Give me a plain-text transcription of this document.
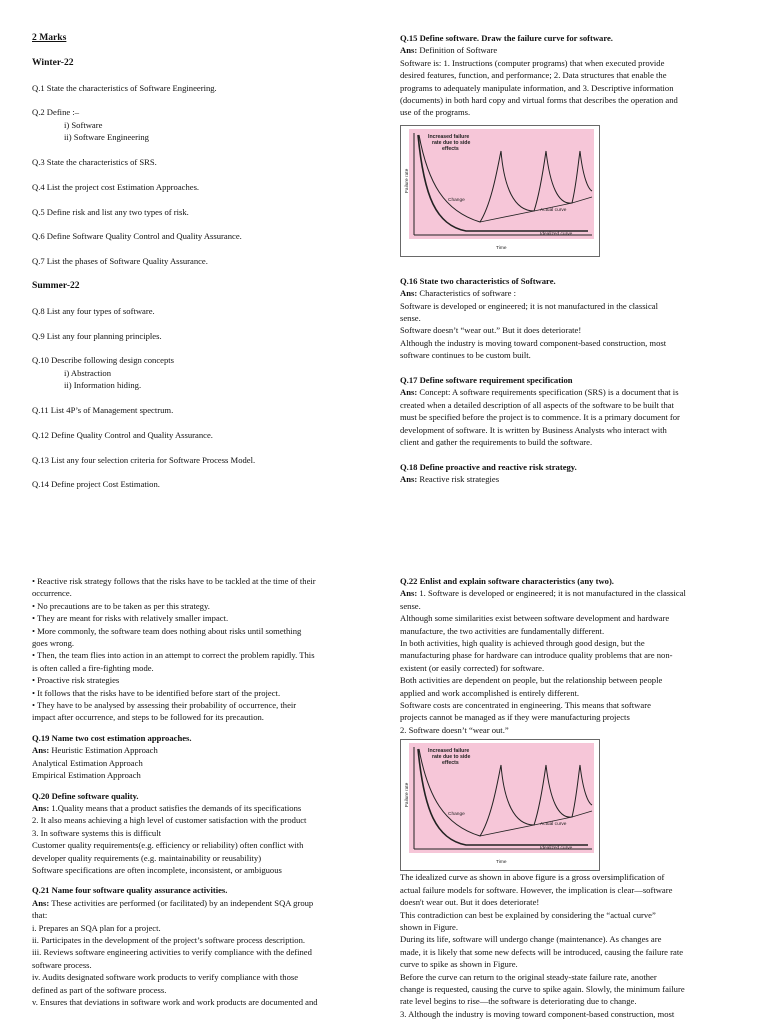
2 Marks

Winter-22

Q.1 State the characteristics of Software Engineering.

Q.2 Define :–

i) Software

ii) Software Engineering

Q.3 State the characteristics of SRS.

Q.4 List the project cost Estimation Approaches.

Q.5 Define risk and list any two types of risk.

Q.6 Define Software Quality Control and Quality Assurance.

Q.7 List the phases of Software Quality Assurance.

Summer-22

Q.8 List any four types of software.

Q.9 List any four planning principles.

Q.10 Describe following design concepts

i) Abstraction

ii) Information hiding.

Q.11 List 4P’s of Management spectrum.

Q.12 Define Quality Control and Quality Assurance.

Q.13 List any four selection criteria for Software Process Model.

Q.14 Define project Cost Estimation.

Q.15 Define software. Draw the failure curve for software.

Ans: Definition of Software

Software is: 1. Instructions (computer programs) that when executed provide

desired features, function, and performance; 2. Data structures that enable the

programs to adequately manipulate information, and 3. Descriptive information

(documents) in both hard copy and virtual forms that describes the operation and

use of the programs.

Increased failure
rate due to side
effects
Failure rate
Change
Actual curve
Idealized curve
Time

Q.16 State two characteristics of Software.

Ans: Characteristics of software :

Software is developed or engineered; it is not manufactured in the classical

sense.

Software doesn’t “wear out.” But it does deteriorate!

Although the industry is moving toward component-based construction, most

software continues to be custom built.

Q.17 Define software requirement specification

Ans: Concept: A software requirements specification (SRS) is a document that is

created when a detailed description of all aspects of the software to be built that

must be specified before the project is to commence. It is a primary document for

development of software. It is written by Business Analysts who interact with

client and gather the requirements to build the software.

Q.18 Define proactive and reactive risk strategy.

Ans: Reactive risk strategies

• Reactive risk strategy follows that the risks have to be tackled at the time of their

occurrence.

• No precautions are to be taken as per this strategy.

• They are meant for risks with relatively smaller impact.

• More commonly, the software team does nothing about risks until something

goes wrong.

• Then, the team flies into action in an attempt to correct the problem rapidly. This

is often called a fire-fighting mode.

• Proactive risk strategies

• It follows that the risks have to be identified before start of the project.

• They have to be analysed by assessing their probability of occurrence, their

impact after occurrence, and steps to be followed for its precaution.

Q.19 Name two cost estimation approaches.

Ans: Heuristic Estimation Approach

Analytical Estimation Approach

Empirical Estimation Approach

Q.20 Define software quality.

Ans: 1.Quality means that a product satisfies the demands of its specifications

2. It also means achieving a high level of customer satisfaction with the product

3. In software systems this is difficult

Customer quality requirements(e.g. efficiency or reliability) often conflict with

developer quality requirements (e.g. maintainability or reusability)

Software specifications are often incomplete, inconsistent, or ambiguous

Q.21 Name four software quality assurance activities.

Ans: These activities are performed (or facilitated) by an independent SQA group

that:

i. Prepares an SQA plan for a project.

ii. Participates in the development of the project’s software process description.

iii. Reviews software engineering activities to verify compliance with the defined

software process.

iv. Audits designated software work products to verify compliance with those

defined as part of the software process.

v. Ensures that deviations in software work and work products are documented and

Q.22 Enlist and explain software characteristics (any two).

Ans: 1. Software is developed or engineered; it is not manufactured in the classical

sense.

Although some similarities exist between software development and hardware

manufacture, the two activities are fundamentally different.

In both activities, high quality is achieved through good design, but the

manufacturing phase for hardware can introduce quality problems that are non-

existent (or easily corrected) for software.

Both activities are dependent on people, but the relationship between people

applied and work accomplished is entirely different.

Software costs are concentrated in engineering. This means that software

projects cannot be managed as if they were manufacturing projects

2. Software doesn’t “wear out.”

Increased failure
rate due to side
effects
Failure rate
Change
Actual curve
Idealized curve
Time

The idealized curve as shown in above figure is a gross oversimplification of

actual failure models for software. However, the implication is clear—software

doesn't wear out. But it does deteriorate!

This contradiction can best be explained by considering the “actual curve”

shown in Figure.

During its life, software will undergo change (maintenance). As changes are

made, it is likely that some new defects will be introduced, causing the failure rate

curve to spike as shown in Figure.

Before the curve can return to the original steady-state failure rate, another

change is requested, causing the curve to spike again. Slowly, the minimum failure

rate level begins to rise—the software is deteriorating due to change.

3. Although the industry is moving toward component-based construction, most
